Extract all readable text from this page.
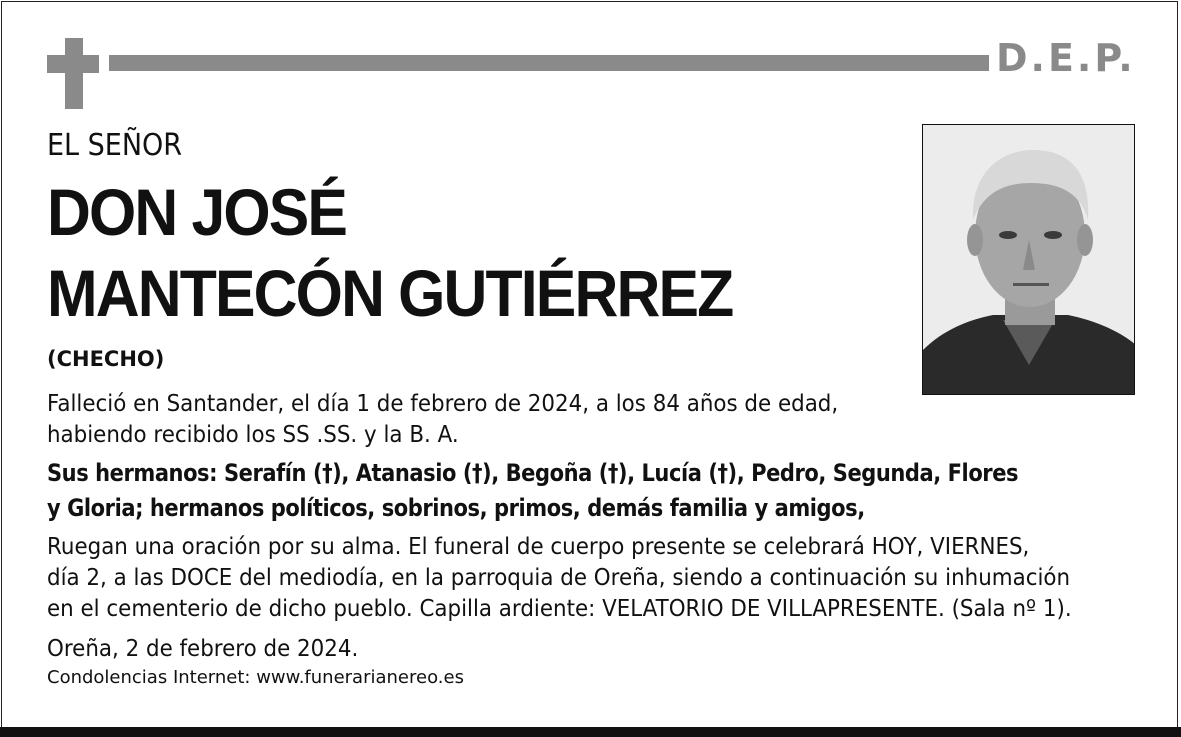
D.E.P.
EL SEÑOR
DON JOSÉ
MANTECÓN GUTIÉRREZ
(CHECHO)
Falleció en Santander, el día 1 de febrero de 2024, a los 84 años de edad,
habiendo recibido los SS .SS. y la B. A.
Sus hermanos: Serafín (†), Atanasio (†), Begoña (†), Lucía (†), Pedro, Segunda, Flores
y Gloria; hermanos políticos, sobrinos, primos, demás familia y amigos,
Ruegan una oración por su alma. El funeral de cuerpo presente se celebrará HOY, VIERNES,
día 2, a las DOCE del mediodía, en la parroquia de Oreña, siendo a continuación su inhumación
en el cementerio de dicho pueblo. Capilla ardiente: VELATORIO DE VILLAPRESENTE. (Sala nº 1).
Oreña, 2 de febrero de 2024.
Condolencias Internet: www.funerarianereo.es
